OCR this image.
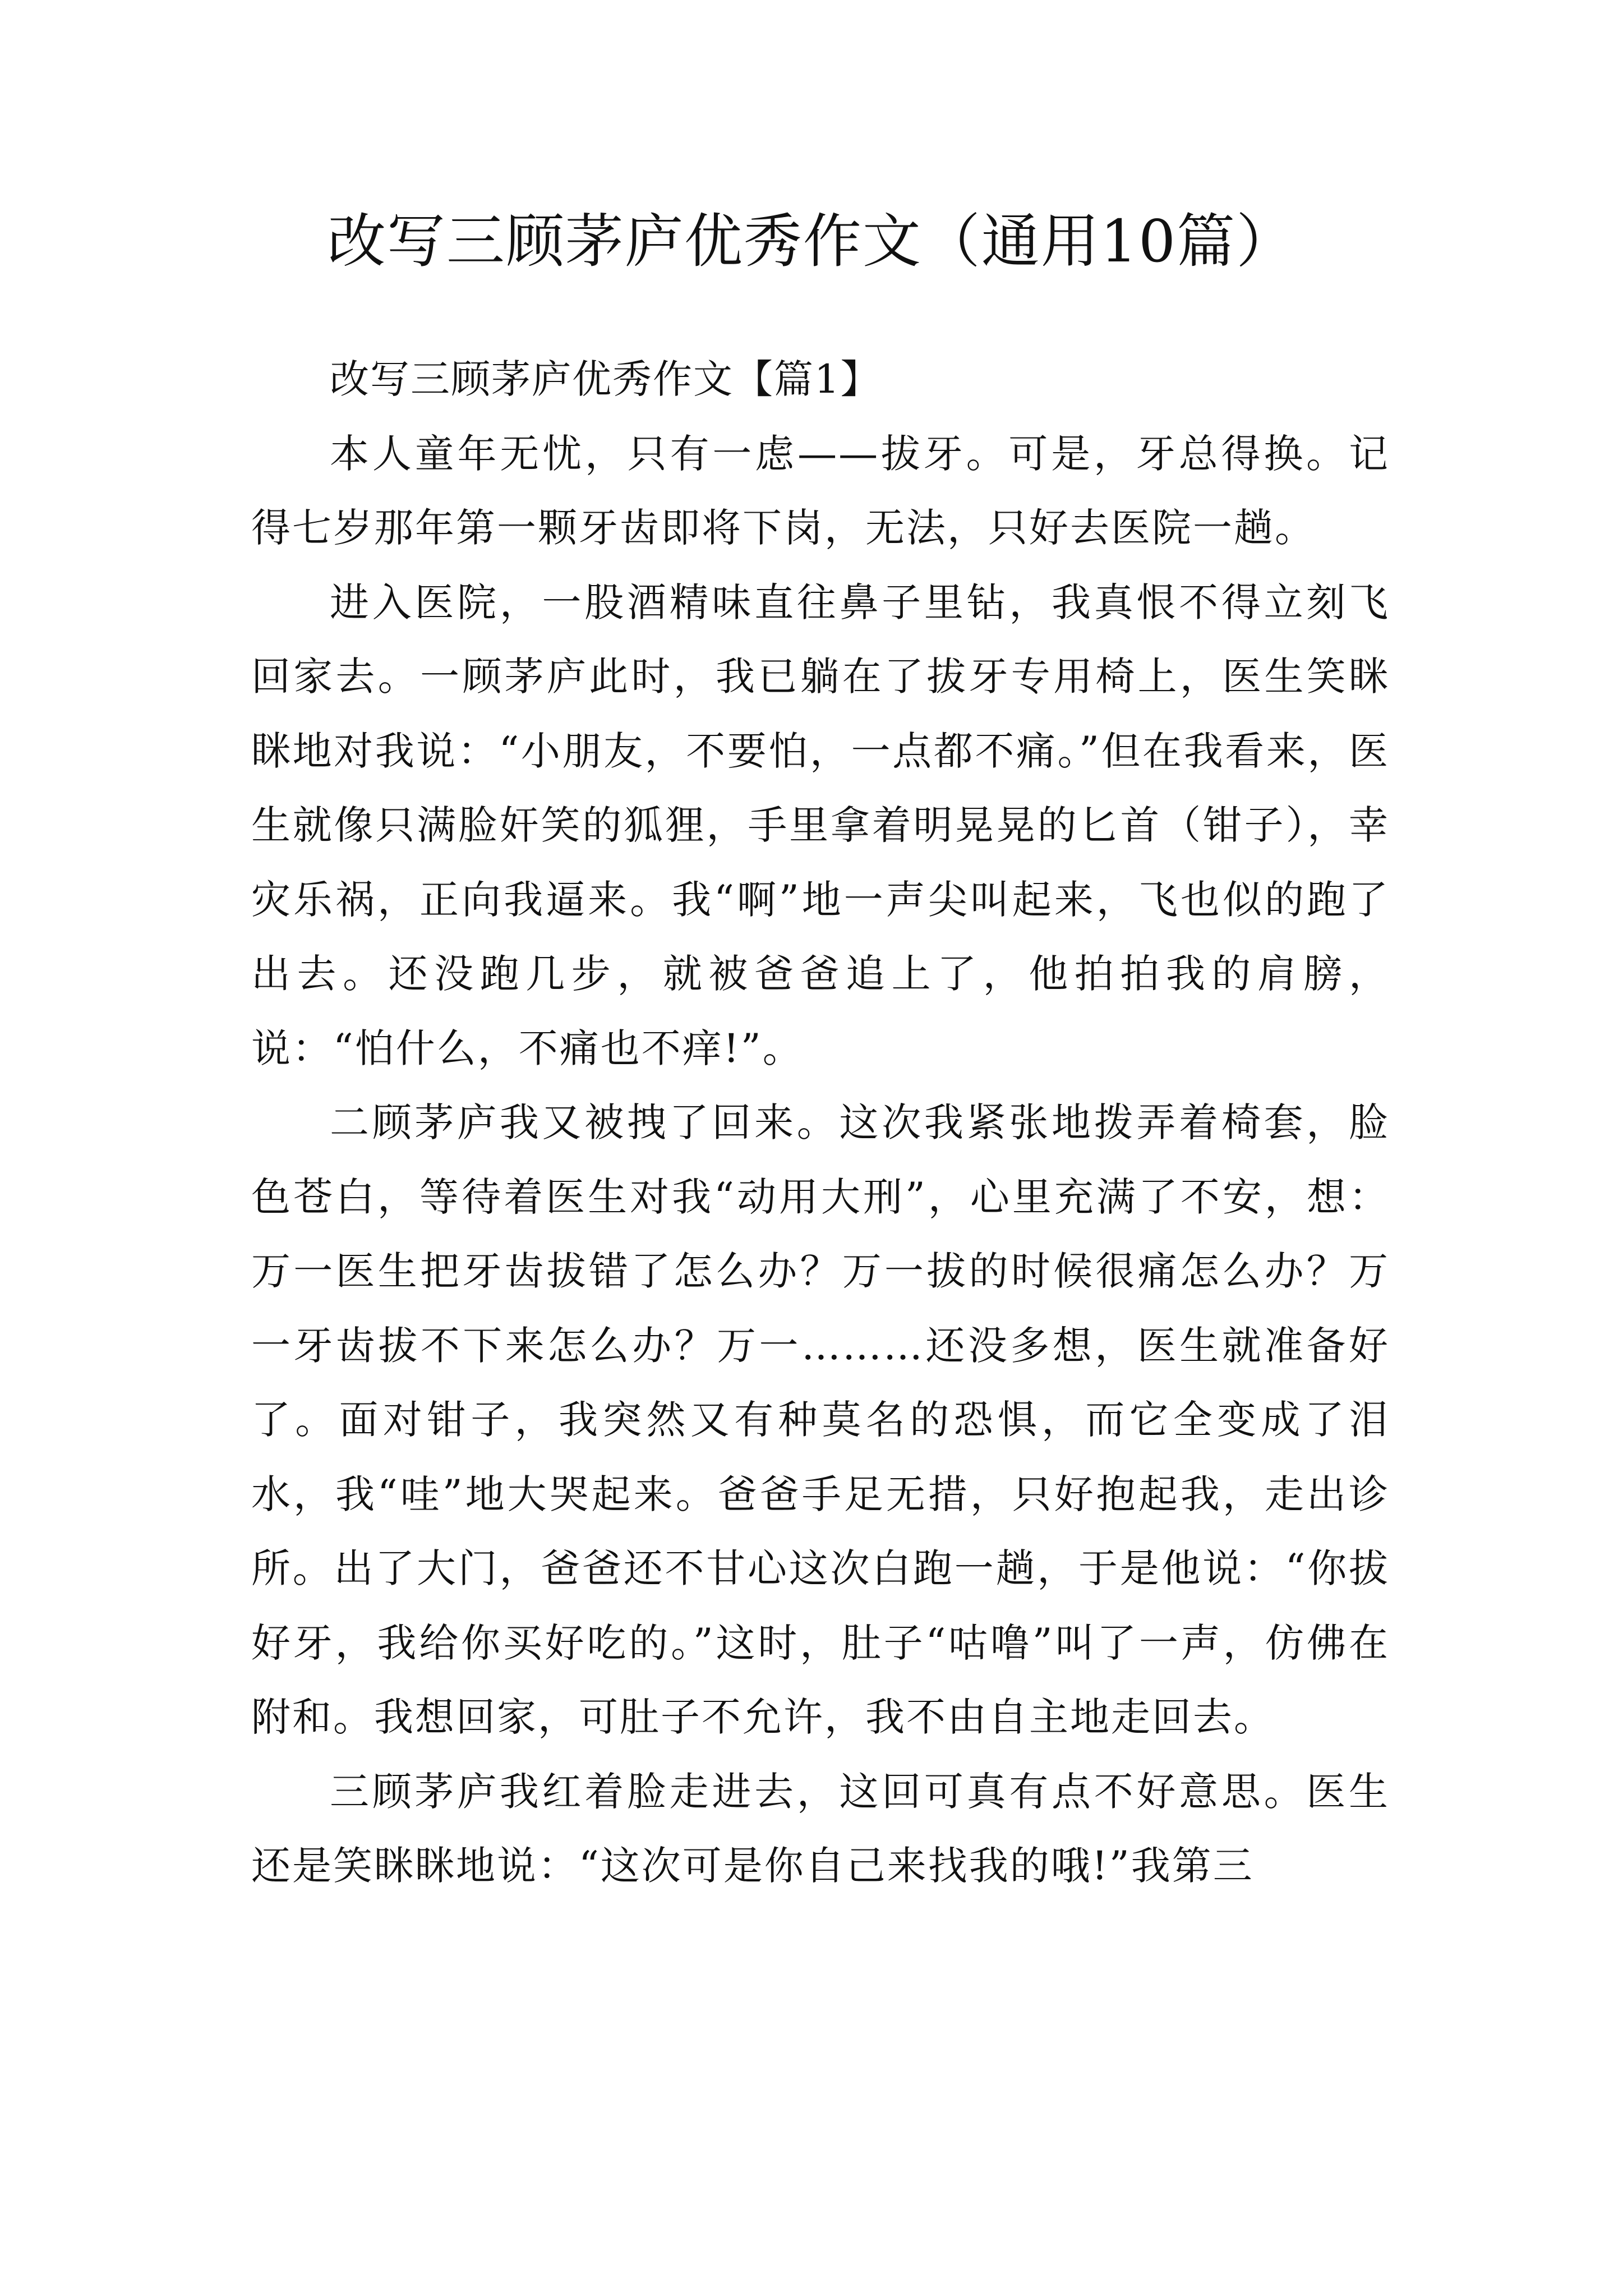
改写三顾茅庐优秀作文（通用10篇）

改写三顾茅庐优秀作文【篇1】

本人童年无忧，只有一虑——拔牙。可是，牙总得换。记得七岁那年第一颗牙齿即将下岗，无法，只好去医院一趟。

进入医院，一股酒精味直往鼻子里钻，我真恨不得立刻飞回家去。一顾茅庐此时，我已躺在了拔牙专用椅上，医生笑眯眯地对我说：“小朋友，不要怕，一点都不痛。”但在我看来，医生就像只满脸奸笑的狐狸，手里拿着明晃晃的匕首（钳子），幸灾乐祸，正向我逼来。我“啊”地一声尖叫起来，飞也似的跑了出去。还没跑几步，就被爸爸追上了，他拍拍我的肩膀，说：“怕什么，不痛也不痒!”。

二顾茅庐我又被拽了回来。这次我紧张地拨弄着椅套，脸色苍白，等待着医生对我“动用大刑”，心里充满了不安，想：万一医生把牙齿拔错了怎么办？万一拔的时候很痛怎么办？万一牙齿拔不下来怎么办？万一………还没多想，医生就准备好了。面对钳子，我突然又有种莫名的恐惧，而它全变成了泪水，我“哇”地大哭起来。爸爸手足无措，只好抱起我，走出诊所。出了大门，爸爸还不甘心这次白跑一趟，于是他说：“你拔好牙，我给你买好吃的。”这时，肚子“咕噜”叫了一声，仿佛在附和。我想回家，可肚子不允许，我不由自主地走回去。

三顾茅庐我红着脸走进去，这回可真有点不好意思。医生还是笑眯眯地说：“这次可是你自己来找我的哦!”我第三
